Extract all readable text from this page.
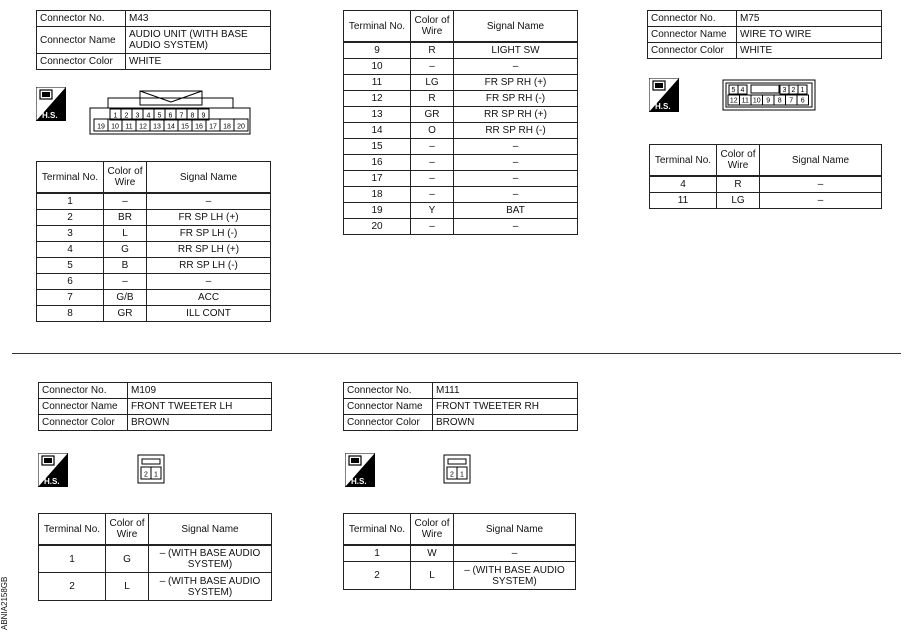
Connector No.	M43
Connector Name	AUDIO UNIT (WITH BASE AUDIO SYSTEM)
Connector Color	WHITE
H.S.	1 2 3 4 5 6 7 8 9
19 10 11 12 13 14 15 16 17 18 20
Terminal No.	Color of Wire	Signal Name
1	–	–
2	BR	FR SP LH (+)
3	L	FR SP LH (-)
4	G	RR SP LH (+)
5	B	RR SP LH (-)
6	–	–
7	G/B	ACC
8	GR	ILL CONT
Terminal No.	Color of Wire	Signal Name
9	R	LIGHT SW
10	–	–
11	LG	FR SP RH (+)
12	R	FR SP RH (-)
13	GR	RR SP RH (+)
14	O	RR SP RH (-)
15	–	–
16	–	–
17	–	–
18	–	–
19	Y	BAT
20	–	–
Connector No.	M75
Connector Name	WIRE TO WIRE
Connector Color	WHITE
H.S.
5 4	3 2 1
12 11 10 9 8 7 6
Terminal No.	Color of Wire	Signal Name
4	R	–
11	LG	–
Connector No.	M109
Connector Name	FRONT TWEETER LH
Connector Color	BROWN
H.S.
2 1
Terminal No.	Color of Wire	Signal Name
1	G	– (WITH BASE AUDIO SYSTEM)
2	L	– (WITH BASE AUDIO SYSTEM)
Connector No.	M111
Connector Name	FRONT TWEETER RH
Connector Color	BROWN
H.S.
2 1
Terminal No.	Color of Wire	Signal Name
1	W	–
2	L	– (WITH BASE AUDIO SYSTEM)
ABNIA2158GB
